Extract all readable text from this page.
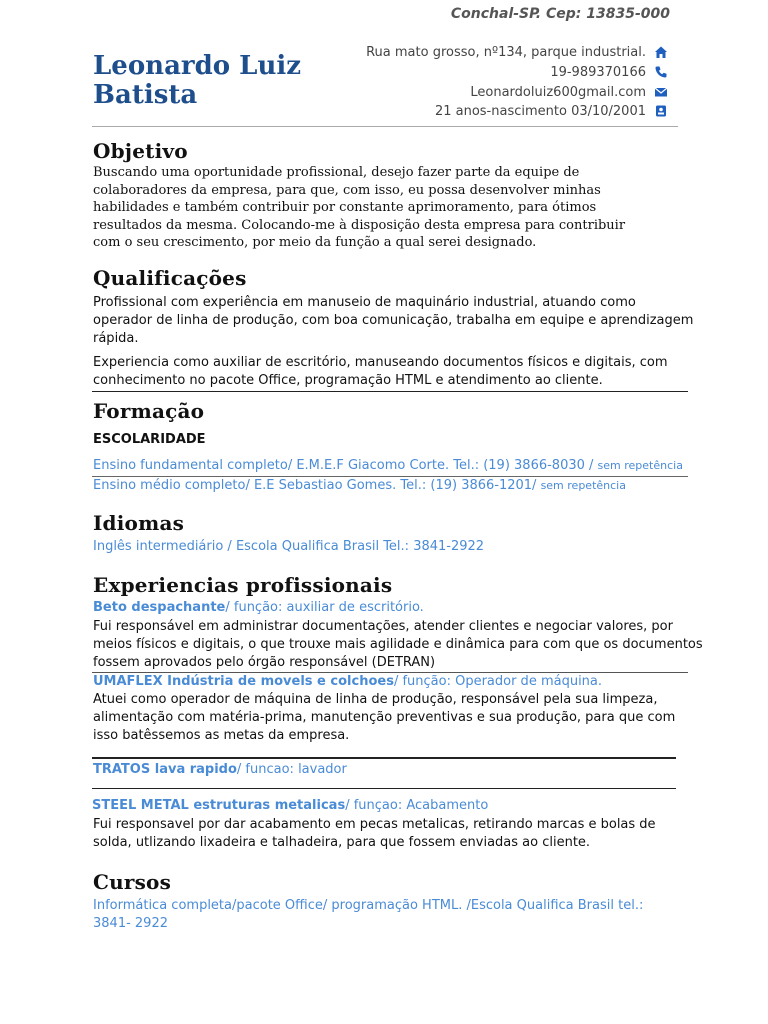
Conchal-SP. Cep: 13835-000
Leonardo Luiz
Batista
Rua mato grosso, nº134, parque industrial.
19-989370166
Leonardoluiz600gmail.com
21 anos-nascimento 03/10/2001
Objetivo
Buscando uma oportunidade profissional, desejo fazer parte da equipe de
colaboradores da empresa, para que, com isso, eu possa desenvolver minhas
habilidades e também contribuir por constante aprimoramento, para ótimos
resultados da mesma. Colocando-me à disposição desta empresa para contribuir
com o seu crescimento, por meio da função a qual serei designado.
Qualificações
Profissional com experiência em manuseio de maquinário industrial, atuando como
operador de linha de produção, com boa comunicação, trabalha em equipe e aprendizagem
rápida.
Experiencia como auxiliar de escritório, manuseando documentos físicos e digitais, com
conhecimento no pacote Office, programação HTML e atendimento ao cliente.
Formação
ESCOLARIDADE
Ensino fundamental completo/ E.M.E.F Giacomo Corte. Tel.: (19) 3866-8030 / sem repetência
Ensino médio completo/ E.E Sebastiao Gomes. Tel.: (19) 3866-1201/ sem repetência
Idiomas
Inglês intermediário / Escola Qualifica Brasil Tel.: 3841-2922
Experiencias profissionais
Beto despachante/ função: auxiliar de escritório.
Fui responsável em administrar documentações, atender clientes e negociar valores, por
meios físicos e digitais, o que trouxe mais agilidade e dinâmica para com que os documentos
fossem aprovados pelo órgão responsável (DETRAN)
UMAFLEX Indústria de movels e colchoes/ função: Operador de máquina.
Atuei como operador de máquina de linha de produção, responsável pela sua limpeza,
alimentação com matéria-prima, manutenção preventivas e sua produção, para que com
isso batêssemos as metas da empresa.
TRATOS lava rapido/ funcao: lavador
STEEL METAL estruturas metalicas/ funçao: Acabamento
Fui responsavel por dar acabamento em pecas metalicas, retirando marcas e bolas de
solda, utlizando lixadeira e talhadeira, para que fossem enviadas ao cliente.
Cursos
Informática completa/pacote Office/ programação HTML. /Escola Qualifica Brasil tel.:
3841- 2922
